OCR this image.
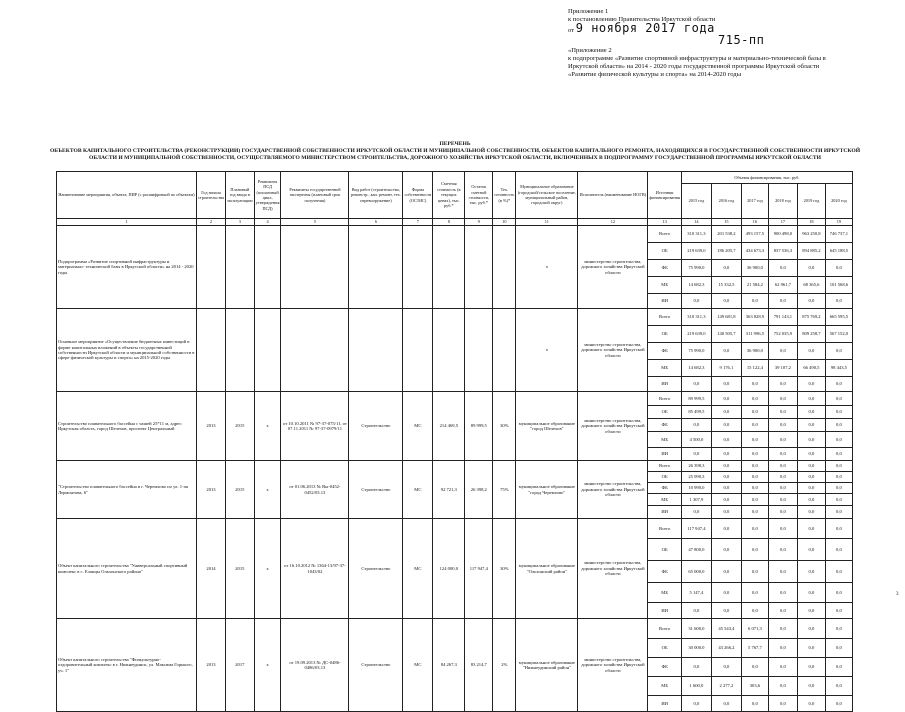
Приложение 1
к постановлению Правительства Иркутской области
от 9 ноября 2017 года
715-пп
«Приложение 2
к подпрограмме «Развитие спортивной инфраструктуры и материально-технической базы в
Иркутской области» на 2014 - 2020 годы государственной программы Иркутской области
«Развитие физической культуры и спорта» на 2014-2020 годы
ПЕРЕЧЕНЬ
ОБЪЕКТОВ КАПИТАЛЬНОГО СТРОИТЕЛЬСТВА (РЕКОНСТРУКЦИИ) ГОСУДАРСТВЕННОЙ СОБСТВЕННОСТИ ИРКУТСКОЙ ОБЛАСТИ И МУНИЦИПАЛЬНОЙ СОБСТВЕННОСТИ, ОБЪЕКТОВ КАПИТАЛЬНОГО РЕМОНТА, НАХОДЯЩИХСЯ В ГОСУДАРСТВЕННОЙ СОБСТВЕННОСТИ ИРКУТСКОЙ ОБЛАСТИ И МУНИЦИПАЛЬНОЙ СОБСТВЕННОСТИ, ОСУЩЕСТВЛЯЕМОГО МИНИСТЕРСТВОМ СТРОИТЕЛЬСТВА, ДОРОЖНОГО ХОЗЯЙСТВА ИРКУТСКОЙ ОБЛАСТИ, ВКЛЮЧЕННЫХ В ПОДПРОГРАММУ ГОСУДАРСТВЕННОЙ ПРОГРАММЫ ИРКУТСКОЙ ОБЛАСТИ
Наименование мероприятия, объекта, ПИР (с расшифровкой по объектам)	Год начала строительства	Плановый год ввода в эксплуатацию	Реквизиты ПСД (пошаговый цикл, утверждения ПСД)	Реквизиты государственной экспертизы (плановый срок получения)	Вид работ (строительство, реконстр., кап. ремонт, тех. перевооружение)	Форма собственности (ОС/МС)	Сметная стоимость (в текущих ценах), тыс. руб.*	Остаток сметной стоимости, тыс. руб.*	Тех. готовность (в %)*	Муниципальное образование (городской/сельское поселение, муниципальный район, городской округ)	Исполнитель (наименование ИОГВ)	Источник финансирования	Объемы финансирования, тыс. руб.					
													2015 год	2016 год	2017 год	2018 год	2019 год	2020 год
1	2	3	4	5	6	7	8	9	10	11	12	13	14	15	16	17	18	19
Подпрограмма «Развитие спортивной инфраструктуры и материально- технической базы в Иркутской области» на 2014 - 2020 годы										х	министерство строительства, дорожного хозяйства Иркутской области	Всего	310 311,3	201 538,2	493 157,5	900 498,0	963 250,8	746 737,1
												ОБ	219 639,0	186 205,7	434 673,3	837 536,3	894 885,2	645 188,5
												ФБ	75 990,0	0,0	36 900,0	0,0	0,0	0,0
												МБ	14 682,3	15 332,5	21 584,2	62 961,7	68 365,6	101 568,6
												ИИ	0,0	0,0	0,0	0,0	0,0	0,0
Основное мероприятие «Осуществление бюджетных инвестиций в форме капитальных вложений в объекты государственной собственности Иркутской области и муниципальной собственности в сфере физической культуры и спорта» на 2015-2020 годы										х	министерство строительства, дорожного хозяйства Иркутской области	Всего	310 311,3	149 681,8	363 828,9	791 143,1	875 769,2	665 595,5
												ОБ	219 639,0	140 505,7	311 996,5	752 035,9	809 258,7	567 152,0
												ФБ	75 990,0	0,0	36 900,0	0,0	0,0	0,0
												МБ	14 682,3	9 176,1	15 122,4	39 107,2	66 490,5	98 443,5
												ИИ	0,0	0,0	0,0	0,0	0,0	0,0
Строительство плавательного бассейна с чашей 25*11 м, адрес: Иркутская область, город Шелехов, проспект Центральный	2013	2015	х	от 10.10.2011 № 97-37-075/11, от 07.11.2011 № 97-37-0979/11	Строительство	МС	214 469,5	89 999,5	30%	муниципальное образование "город Шелехов"	министерство строительства, дорожного хозяйства Иркутской области	Всего	89 999,5	0,0	0,0	0,0	0,0	0,0
												ОБ	85 499,5	0,0	0,0	0,0	0,0	0,0
												ФБ	0,0	0,0	0,0	0,0	0,0	0,0
												МБ	4 500,0	0,0	0,0	0,0	0,0	0,0
												ИИ	0,0	0,0	0,0	0,0	0,0	0,0
"Строительство плавательного бассейна в г. Черемхово по ул. 1-ая Лермонтова, 6"	2013	2015	х	от 01.06.2013 № Вы-0452-0452/03.13	Строительство	МС	92 721,3	26 398,2	75%	муниципальное образование "город Черемхово"	министерство строительства, дорожного хозяйства Иркутской области	Всего	26 398,3	0,0	0,0	0,0	0,0	0,0
												ОБ	25 090,3	0,0	0,0	0,0	0,0	0,0
												ФБ	10 990,0	0,0	0,0	0,0	0,0	0,0
												МБ	1 307,9	0,0	0,0	0,0	0,0	0,0
												ИИ	0,0	0,0	0,0	0,0	0,0	0,0
Объект капитального строительства "Универсальный спортивный комплекс в с. Еланцы Ольхонского района"	2014	2015	х	от 16.10.2012 № 1364-13/97-37-1043/02	Строительство	МС	124 000,0	117 947,4	30%	муниципальное образование "Ольхонский район"	министерство строительства, дорожного хозяйства Иркутской области	Всего	117 947,4	0,0	0,0	0,0	0,0	0,0
												ОБ	47 800,0	0,0	0,0	0,0	0,0	0,0
												ФБ	65 000,0	0,0	0,0	0,0	0,0	0,0
												МБ	5 147,4	0,0	0,0	0,0	0,0	0,0
												ИИ	0,0	0,0	0,0	0,0	0,0	0,0
Объект капитального строительства "Физкультурно-оздоровительный комплекс в г. Нижнеудинск, ул. Максима Горького, уч. 1"	2013	2017	х	от 19.09.2013 № ДС-0486-0486/03.13	Строительство	МС	84 267,3	83 214,7	2%	муниципальное образование "Нижнеудинский район"	министерство строительства, дорожного хозяйства Иркутской области	Всего	31 600,0	45 543,4	6 071,3	0,0	0,0	0,0
												ОБ	30 000,0	43 266,2	5 767,7	0,0	0,0	0,0
												ФБ	0,0	0,0	0,0	0,0	0,0	0,0
												МБ	1 600,0	2 277,2	303,6	0,0	0,0	0,0
												ИИ	0,0	0,0	0,0	0,0	0,0	0,0
3
